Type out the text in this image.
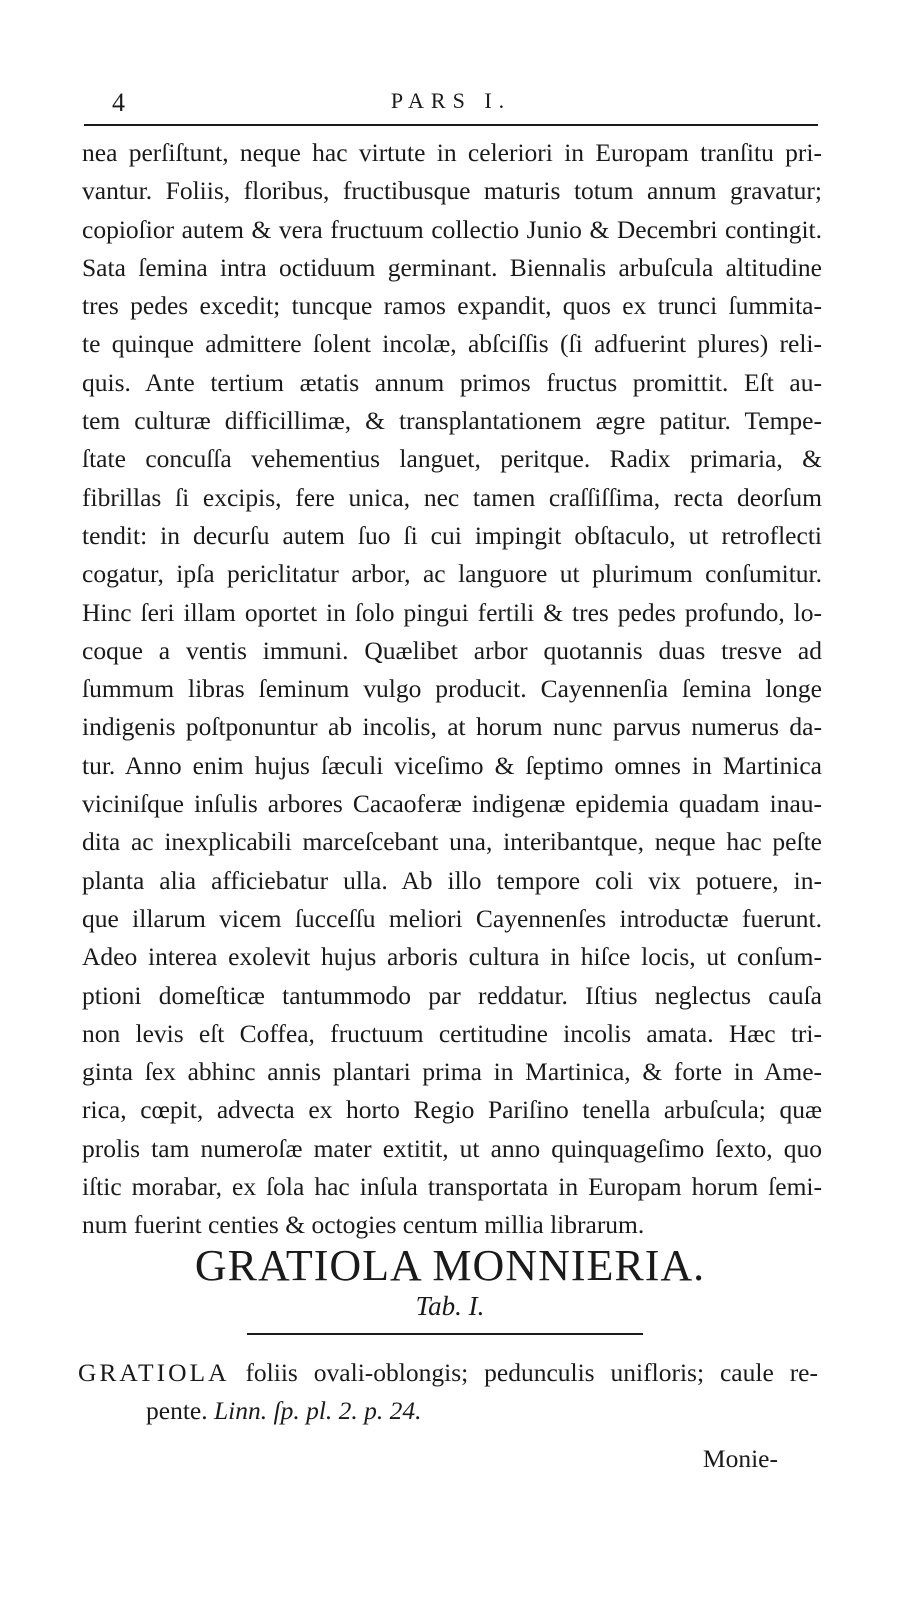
4	PARS I.
nea perſiſtunt, neque hac virtute in celeriori in Europam tranſitu pri-
vantur. Foliis, floribus, fructibusque maturis totum annum gravatur;
copioſior autem & vera fructuum collectio Junio & Decembri contingit.
Sata ſemina intra octiduum germinant. Biennalis arbuſcula altitudine
tres pedes excedit; tuncque ramos expandit, quos ex trunci ſummita-
te quinque admittere ſolent incolæ, abſciſſis (ſi adfuerint plures) reli-
quis. Ante tertium ætatis annum primos fructus promittit. Eſt au-
tem culturæ difficillimæ, & transplantationem ægre patitur. Tempe-
ſtate concuſſa vehementius languet, peritque. Radix primaria, &
fibrillas ſi excipis, fere unica, nec tamen craſſiſſima, recta deorſum
tendit: in decurſu autem ſuo ſi cui impingit obſtaculo, ut retroflecti
cogatur, ipſa periclitatur arbor, ac languore ut plurimum conſumitur.
Hinc ſeri illam oportet in ſolo pingui fertili & tres pedes profundo, lo-
coque a ventis immuni. Quælibet arbor quotannis duas tresve ad
ſummum libras ſeminum vulgo producit. Cayennenſia ſemina longe
indigenis poſtponuntur ab incolis, at horum nunc parvus numerus da-
tur. Anno enim hujus ſæculi viceſimo & ſeptimo omnes in Martinica
viciniſque inſulis arbores Cacaoferæ indigenæ epidemia quadam inau-
dita ac inexplicabili marceſcebant una, interibantque, neque hac peſte
planta alia afficiebatur ulla. Ab illo tempore coli vix potuere, in-
que illarum vicem ſucceſſu meliori Cayennenſes introductæ fuerunt.
Adeo interea exolevit hujus arboris cultura in hiſce locis, ut conſum-
ptioni domeſticæ tantummodo par reddatur. Iſtius neglectus cauſa
non levis eſt Coffea, fructuum certitudine incolis amata. Hæc tri-
ginta ſex abhinc annis plantari prima in Martinica, & forte in Ame-
rica, cœpit, advecta ex horto Regio Pariſino tenella arbuſcula; quæ
prolis tam numeroſæ mater extitit, ut anno quinquageſimo ſexto, quo
iſtic morabar, ex ſola hac inſula transportata in Europam horum ſemi-
num fuerint centies & octogies centum millia librarum.
GRATIOLA MONNIERIA.
Tab. I.
GRATIOLA foliis ovali-oblongis; pedunculis unifloris; caule re-
pente. Linn. ſp. pl. 2. p. 24.
Monie-
